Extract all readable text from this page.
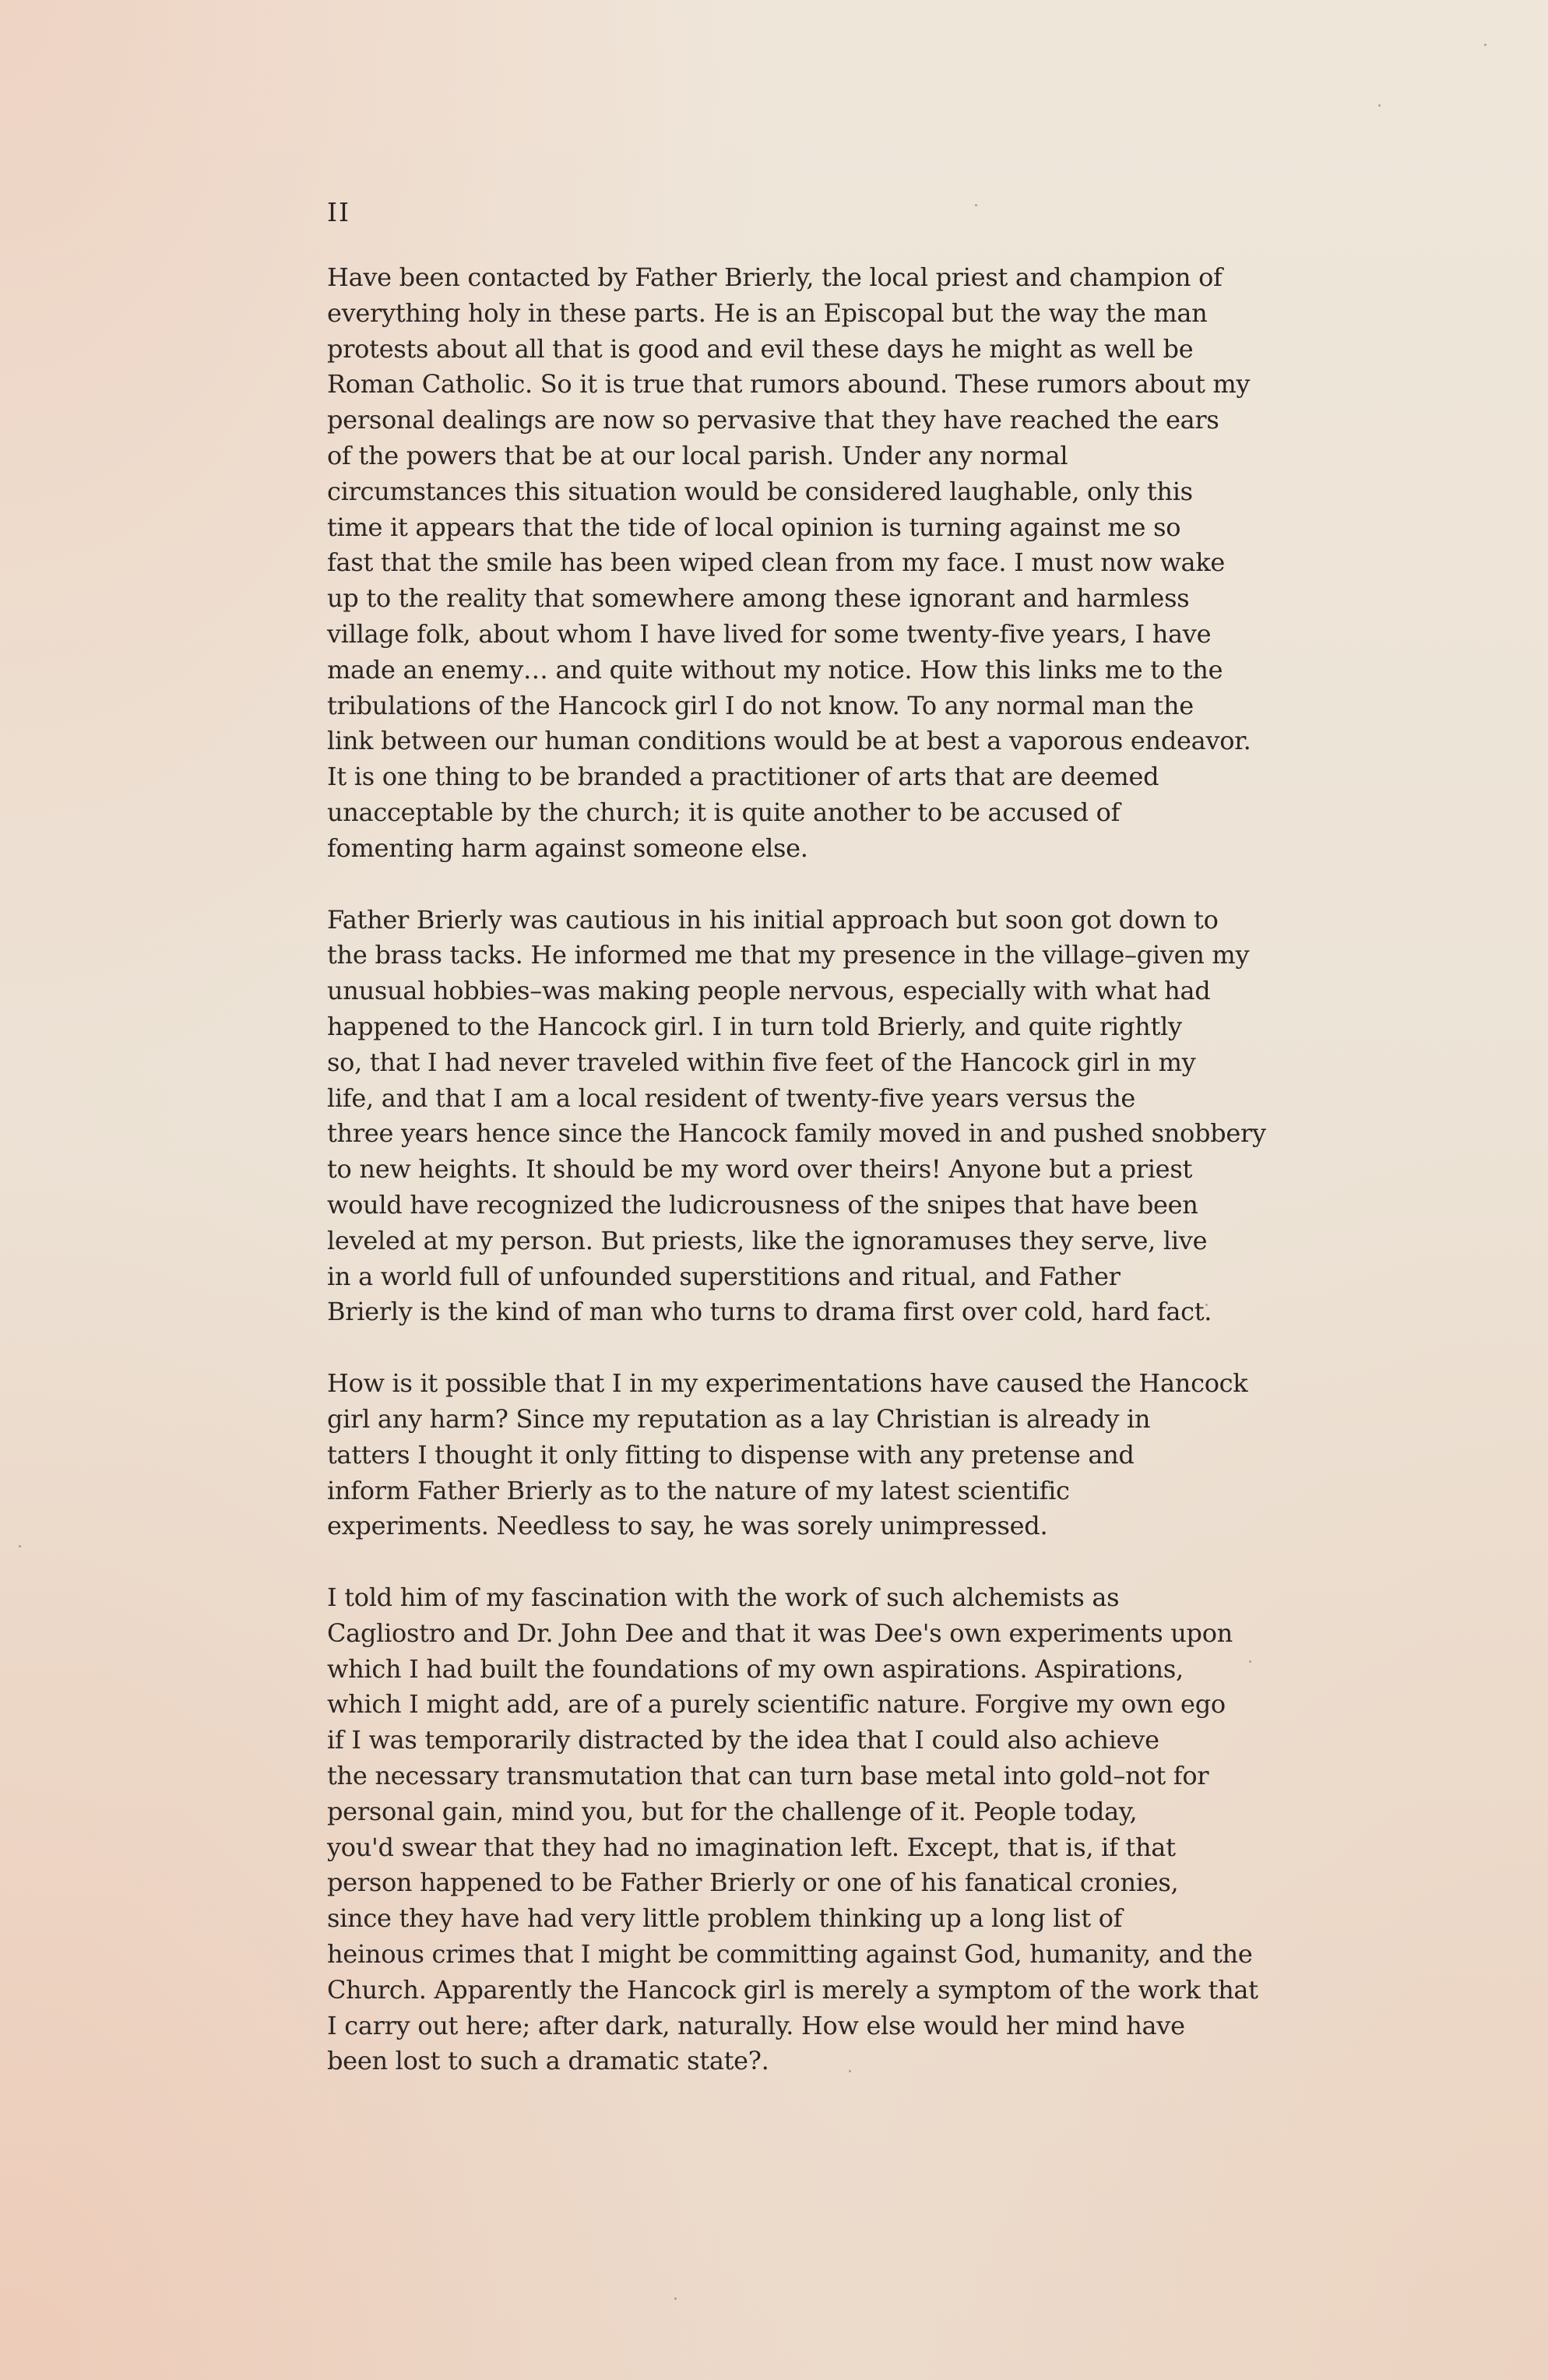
II
Have been contacted by Father Brierly, the local priest and champion of
everything holy in these parts. He is an Episcopal but the way the man
protests about all that is good and evil these days he might as well be
Roman Catholic. So it is true that rumors abound. These rumors about my
personal dealings are now so pervasive that they have reached the ears
of the powers that be at our local parish. Under any normal
circumstances this situation would be considered laughable, only this
time it appears that the tide of local opinion is turning against me so
fast that the smile has been wiped clean from my face. I must now wake
up to the reality that somewhere among these ignorant and harmless
village folk, about whom I have lived for some twenty-five years, I have
made an enemy… and quite without my notice. How this links me to the
tribulations of the Hancock girl I do not know. To any normal man the
link between our human conditions would be at best a vaporous endeavor.
It is one thing to be branded a practitioner of arts that are deemed
unacceptable by the church; it is quite another to be accused of
fomenting harm against someone else.
Father Brierly was cautious in his initial approach but soon got down to
the brass tacks. He informed me that my presence in the village–given my
unusual hobbies–was making people nervous, especially with what had
happened to the Hancock girl. I in turn told Brierly, and quite rightly
so, that I had never traveled within five feet of the Hancock girl in my
life, and that I am a local resident of twenty-five years versus the
three years hence since the Hancock family moved in and pushed snobbery
to new heights. It should be my word over theirs! Anyone but a priest
would have recognized the ludicrousness of the snipes that have been
leveled at my person. But priests, like the ignoramuses they serve, live
in a world full of unfounded superstitions and ritual, and Father
Brierly is the kind of man who turns to drama first over cold, hard fact.
How is it possible that I in my experimentations have caused the Hancock
girl any harm? Since my reputation as a lay Christian is already in
tatters I thought it only fitting to dispense with any pretense and
inform Father Brierly as to the nature of my latest scientific
experiments. Needless to say, he was sorely unimpressed.
I told him of my fascination with the work of such alchemists as
Cagliostro and Dr. John Dee and that it was Dee's own experiments upon
which I had built the foundations of my own aspirations. Aspirations,
which I might add, are of a purely scientific nature. Forgive my own ego
if I was temporarily distracted by the idea that I could also achieve
the necessary transmutation that can turn base metal into gold–not for
personal gain, mind you, but for the challenge of it. People today,
you'd swear that they had no imagination left. Except, that is, if that
person happened to be Father Brierly or one of his fanatical cronies,
since they have had very little problem thinking up a long list of
heinous crimes that I might be committing against God, humanity, and the
Church. Apparently the Hancock girl is merely a symptom of the work that
I carry out here; after dark, naturally. How else would her mind have
been lost to such a dramatic state?.
